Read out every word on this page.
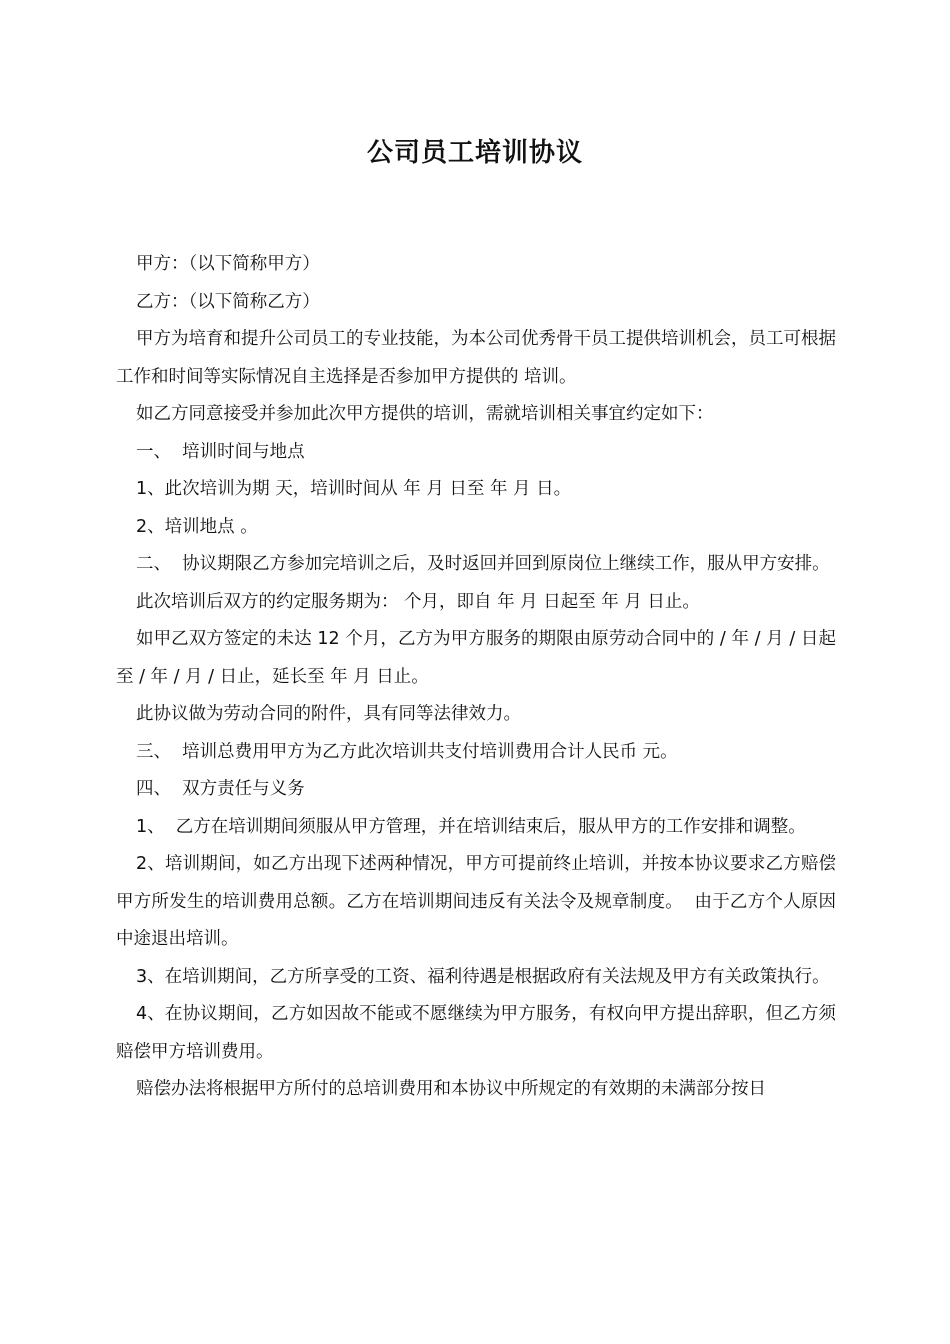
公司员工培训协议

甲方：（以下简称甲方）

乙方：（以下简称乙方）

甲方为培育和提升公司员工的专业技能，为本公司优秀骨干员工提供培训机会，员工可根据工作和时间等实际情况自主选择是否参加甲方提供的 培训。

如乙方同意接受并参加此次甲方提供的培训，需就培训相关事宜约定如下：

一、  培训时间与地点

1、此次培训为期 天，培训时间从 年 月 日至 年 月 日。

2、培训地点 。

二、  协议期限乙方参加完培训之后，及时返回并回到原岗位上继续工作，服从甲方安排。

此次培训后双方的约定服务期为： 个月，即自 年 月 日起至 年 月 日止。

如甲乙双方签定的未达 12 个月，乙方为甲方服务的期限由原劳动合同中的 / 年 / 月 / 日起至 / 年 / 月 / 日止，延长至 年 月 日止。

此协议做为劳动合同的附件，具有同等法律效力。

三、  培训总费用甲方为乙方此次培训共支付培训费用合计人民币 元。

四、  双方责任与义务

1、  乙方在培训期间须服从甲方管理，并在培训结束后，服从甲方的工作安排和调整。

2、培训期间，如乙方出现下述两种情况，甲方可提前终止培训，并按本协议要求乙方赔偿甲方所发生的培训费用总额。乙方在培训期间违反有关法令及规章制度。  由于乙方个人原因中途退出培训。

3、在培训期间，乙方所享受的工资、福利待遇是根据政府有关法规及甲方有关政策执行。

4、在协议期间，乙方如因故不能或不愿继续为甲方服务，有权向甲方提出辞职，但乙方须赔偿甲方培训费用。

赔偿办法将根据甲方所付的总培训费用和本协议中所规定的有效期的未满部分按日
